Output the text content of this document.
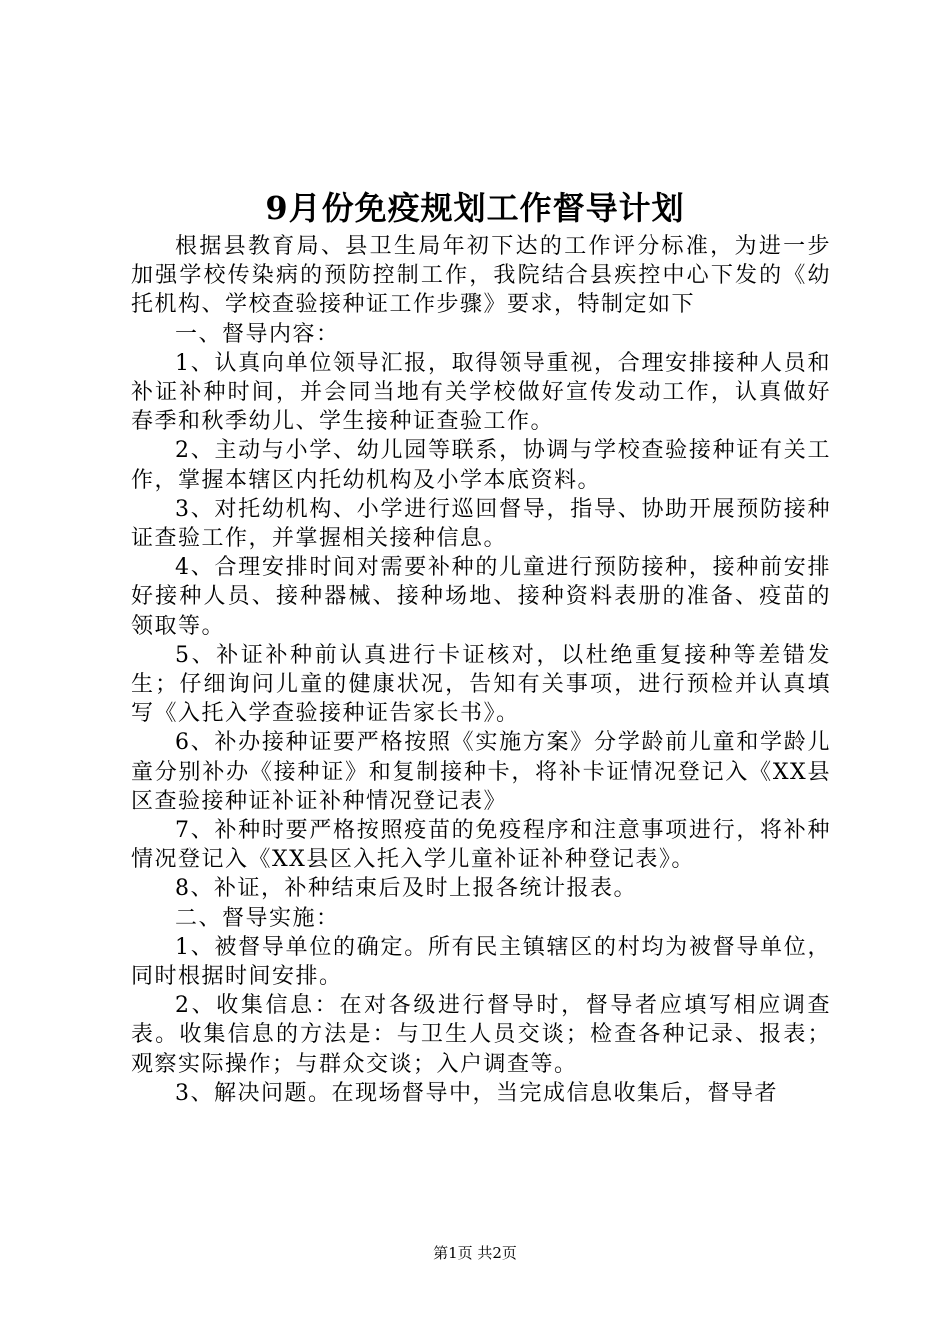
9月份免疫规划工作督导计划

根据县教育局、县卫生局年初下达的工作评分标准，为进一步加强学校传染病的预防控制工作，我院结合县疾控中心下发的《幼托机构、学校查验接种证工作步骤》要求，特制定如下

一、督导内容：

1、认真向单位领导汇报，取得领导重视，合理安排接种人员和补证补种时间，并会同当地有关学校做好宣传发动工作，认真做好春季和秋季幼儿、学生接种证查验工作。

2、主动与小学、幼儿园等联系，协调与学校查验接种证有关工作，掌握本辖区内托幼机构及小学本底资料。

3、对托幼机构、小学进行巡回督导，指导、协助开展预防接种证查验工作，并掌握相关接种信息。

4、合理安排时间对需要补种的儿童进行预防接种，接种前安排好接种人员、接种器械、接种场地、接种资料表册的准备、疫苗的领取等。

5、补证补种前认真进行卡证核对，以杜绝重复接种等差错发生；仔细询问儿童的健康状况，告知有关事项，进行预检并认真填写《入托入学查验接种证告家长书》。

6、补办接种证要严格按照《实施方案》分学龄前儿童和学龄儿童分别补办《接种证》和复制接种卡，将补卡证情况登记入《XX县区查验接种证补证补种情况登记表》

7、补种时要严格按照疫苗的免疫程序和注意事项进行，将补种情况登记入《XX县区入托入学儿童补证补种登记表》。

8、补证，补种结束后及时上报各统计报表。

二、督导实施：

1、被督导单位的确定。所有民主镇辖区的村均为被督导单位，同时根据时间安排。

2、收集信息：在对各级进行督导时，督导者应填写相应调查表。收集信息的方法是：与卫生人员交谈；检查各种记录、报表；观察实际操作；与群众交谈；入户调查等。

3、解决问题。在现场督导中，当完成信息收集后，督导者

第1页 共2页
